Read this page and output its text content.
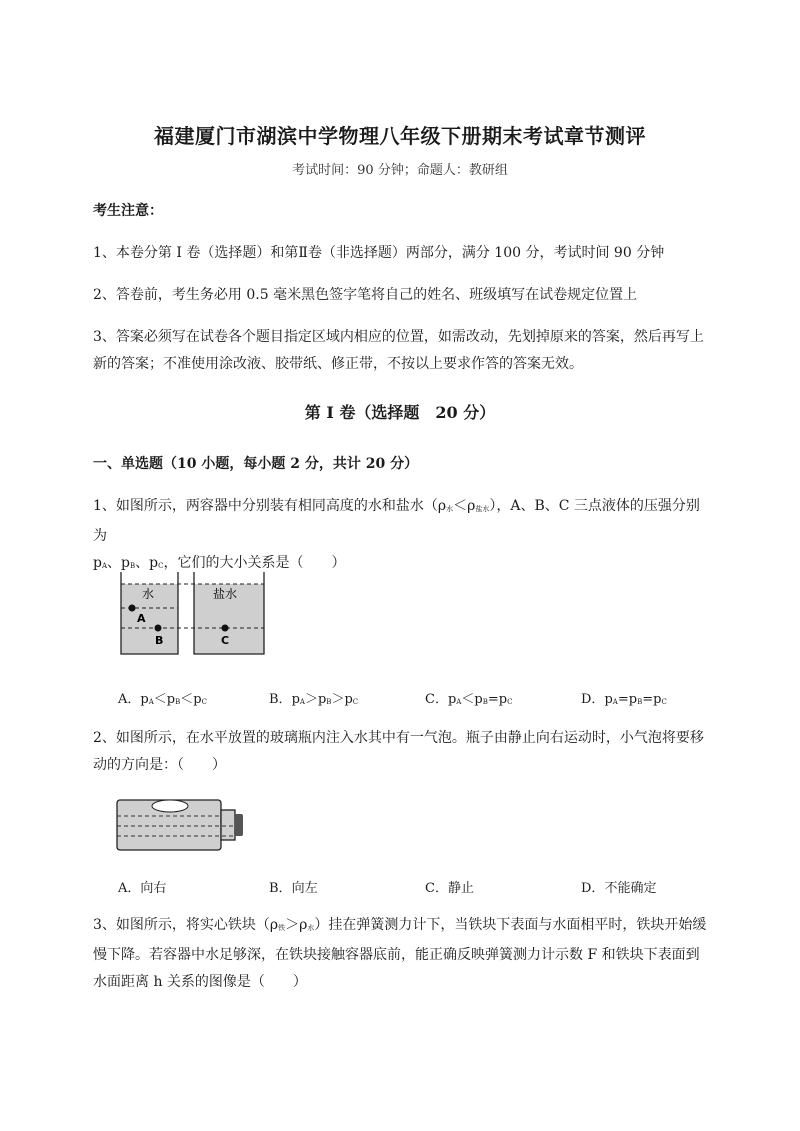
福建厦门市湖滨中学物理八年级下册期末考试章节测评
考试时间：90 分钟；命题人：教研组
考生注意：
1、本卷分第 I 卷（选择题）和第Ⅱ卷（非选择题）两部分，满分 100 分，考试时间 90 分钟
2、答卷前，考生务必用 0.5 毫米黑色签字笔将自己的姓名、班级填写在试卷规定位置上
3、答案必须写在试卷各个题目指定区域内相应的位置，如需改动，先划掉原来的答案，然后再写上新的答案；不准使用涂改液、胶带纸、修正带，不按以上要求作答的答案无效。
第 I 卷（选择题　20 分）
一、单选题（10 小题，每小题 2 分，共计 20 分）
1、如图所示，两容器中分别装有相同高度的水和盐水（ρ水＜ρ盐水），A、B、C 三点液体的压强分别为
pA、pB、pC，它们的大小关系是（　　）
水	盐水
A
B	C
A．pA＜pB＜pC	B．pA＞pB＞pC	C．pA＜pB=pC	D．pA=pB=pC
2、如图所示，在水平放置的玻璃瓶内注入水其中有一气泡。瓶子由静止向右运动时，小气泡将要移动的方向是：（　　）
A．向右	B．向左	C．静止	D．不能确定
3、如图所示，将实心铁块（ρ铁＞ρ水）挂在弹簧测力计下，当铁块下表面与水面相平时，铁块开始缓慢下降。若容器中水足够深，在铁块接触容器底前，能正确反映弹簧测力计示数 F 和铁块下表面到水面距离 h 关系的图像是（　　）
